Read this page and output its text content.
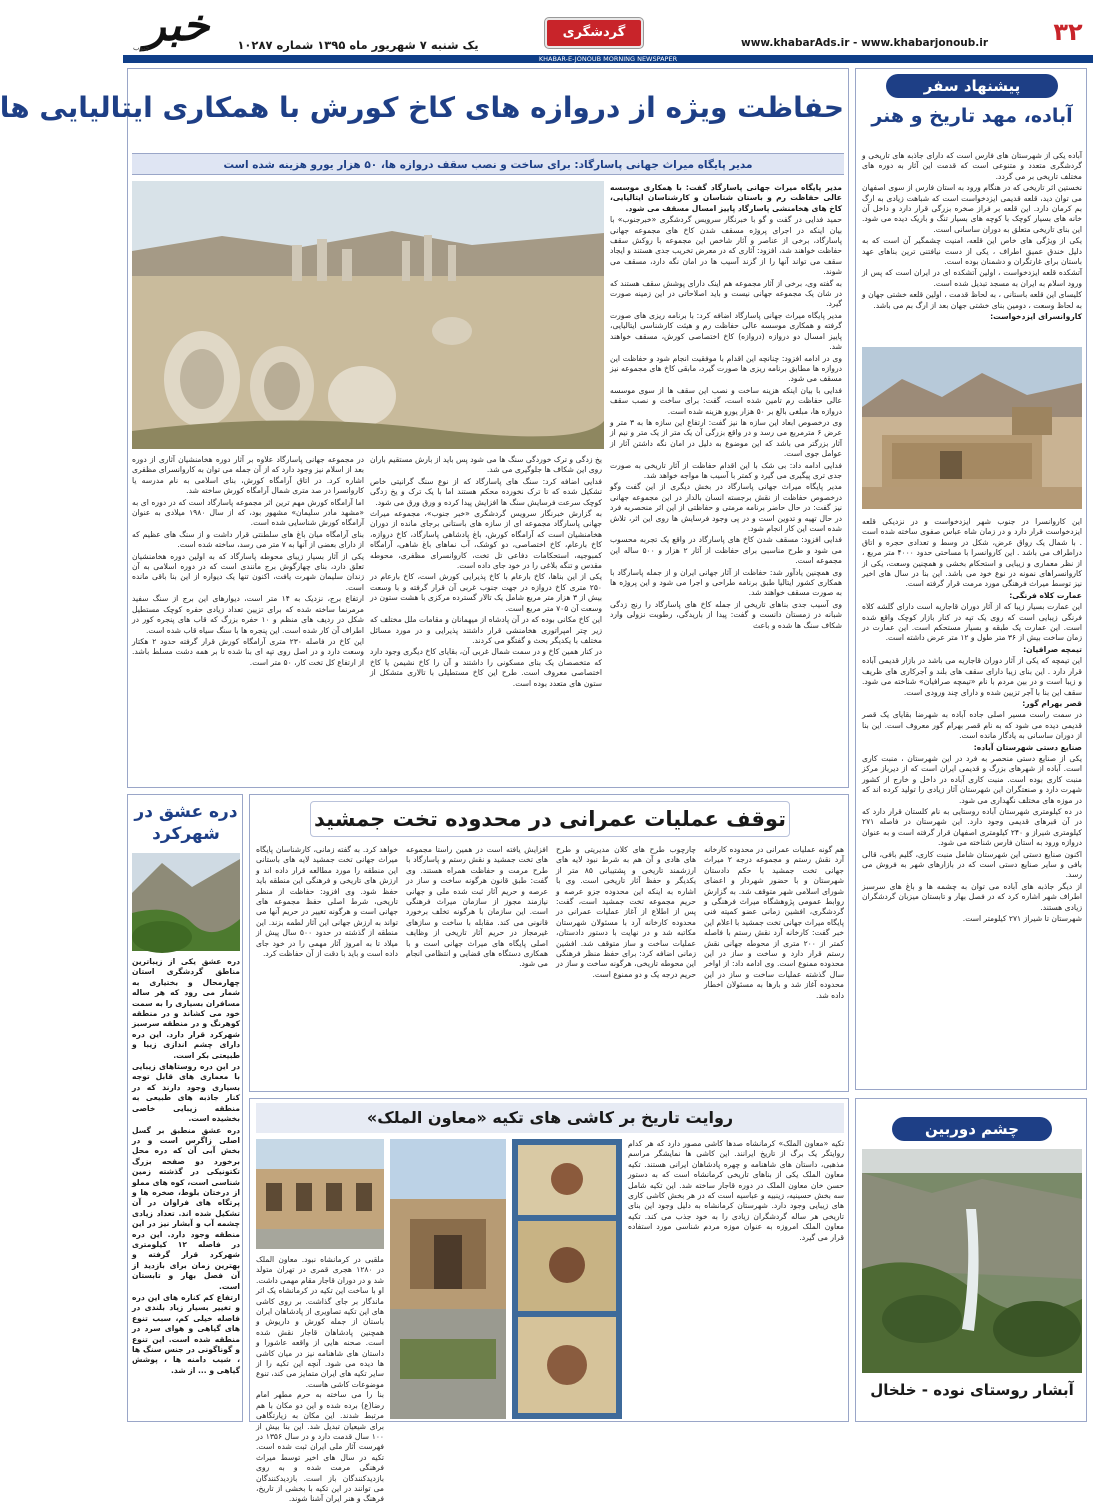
خبر
جنوب	یک شنبه ۷ شهریور ماه ۱۳۹۵ شماره ۱۰۲۸۷
گردشگری
www.khabarAds.ir - www.khabarjonoub.ir	۳۲
KHABAR-E-JONOUB MORNING NEWSPAPER
پیشنهاد سفر
آباده، مهد تاریخ و هنر

آباده یکی از شهرستان های فارس است که دارای جاذبه های تاریخی و گردشگری متعدد و متنوعی است که قدمت این آثار به دوره های مختلف تاریخی بر می گردد.

نخستین اثر تاریخی که در هنگام ورود به استان فارس از سوی اصفهان می توان دید، قلعه قدیمی ایزدخواست است که شباهت زیادی به ارگ بم کرمان دارد. این قلعه بر فراز صخره بزرگی قرار دارد و داخل آن خانه های بسیار کوچک با کوچه های بسیار تنگ و باریک دیده می شود. این بنای تاریخی متعلق به دوران ساسانی است.

یکی از ویژگی های خاص این قلعه، امنیت چشمگیر آن است که به دلیل خندق عمیق اطراف ، یکی از دست نیافتنی ترین بناهای عهد باستان برای غارتگران و دشمنان بوده است.

آتشکده قلعه ایزدخواست ، اولین آتشکده ای در ایران است که پس از ورود اسلام به ایران به مسجد تبدیل شده است.

کلیسای این قلعه باستانی ، به لحاظ قدمت ، اولین قلعه خشتی جهان و به لحاظ وسعت ، دومین بنای خشتی جهان بعد از ارگ بم می باشد.

کاروانسرای ایزدخواست:

این کاروانسرا در جنوب شهر ایزدخواست و در نزدیکی قلعه ایزدخواست قرار دارد و در زمان شاه عباس صفوی ساخته شده است . با شمال یک رواق عرض، شکل در وسط و تعدادی حجره و اتاق دراطراف می باشد . این کاروانسرا با مساحتی حدود ۴۰۰۰ متر مربع ، از نظر معماری و زیبایی و استحکام بخشی و همچنین وسعت، یکی از کاروانسراهای نمونه در نوع خود می باشد. این بنا در سال های اخیر نیز توسط میراث فرهنگی مورد مرمت قرار گرفته است.

عمارت کلاه فرنگی:

این عمارت بسیار زیبا که از آثار دوران قاجاریه است دارای گلشه کلاه فرنگی زیبایی است که روی یک تپه در کنار بازار کوچک واقع شده است. این عمارت یک طبقه و بسیار مستحکم است. این عمارت در زمان ساخت بیش از ۳۶ متر طول و ۱۲ متر عرض داشته است.

تیمچه صرافیان:

این تیمچه که یکی از آثار دوران قاجاریه می باشد در بازار قدیمی آباده قرار دارد . این بنای زیبا دارای سقف های بلند و آجرکاری های ظریف و زیبا است و در بین مردم با نام «تیمچه صرافیان» شناخته می شود. سقف این بنا با آجر تزیین شده و دارای چند ورودی است.

قصر بهرام گور:

در سمت راست مسیر اصلی جاده آباده به شهرضا بقایای یک قصر قدیمی دیده می شود که به نام قصر بهرام گور معروف است. این بنا از دوران ساسانی به یادگار مانده است.

صنایع دستی شهرستان آباده:

یکی از صنایع دستی منحصر به فرد در این شهرستان ، منبت کاری است. آباده از شهرهای بزرگ و قدیمی ایران است که از دیرباز مرکز منبت کاری بوده است. منبت کاری آباده در داخل و خارج از کشور شهرت دارد و صنعتگران این شهرستان آثار زیادی را تولید کرده اند که در موزه های مختلف نگهداری می شود.

در ده کیلومتری شهرستان آباده روستایی به نام کلستان قرار دارد که در آن قبرهای قدیمی وجود دارد. این شهرستان در فاصله ۲۷۱ کیلومتری شیراز و ۲۴۰ کیلومتری اصفهان قرار گرفته است و به عنوان دروازه ورود به استان فارس شناخته می شود.

اکنون صنایع دستی این شهرستان شامل منبت کاری، گلیم بافی، قالی بافی و سایر صنایع دستی است که در بازارهای شهر به فروش می رسد.

از دیگر جاذبه های آباده می توان به چشمه ها و باغ های سرسبز اطراف شهر اشاره کرد که در فصل بهار و تابستان میزبان گردشگران زیادی هستند.

شهرستان تا شیراز ۲۷۱ کیلومتر است.

چشم دوربین
آبشار روستای نوده - خلخال
حفاظت ویژه از دروازه های کاخ کورش با همکاری ایتالیایی ها
مدیر پایگاه میراث جهانی پاسارگاد: برای ساخت و نصب سقف دروازه ها، ۵۰ هزار یورو هزینه شده است

مدیر پایگاه میراث جهانی پاسارگاد گفت: با همکاری موسسه عالی حفاظت رم و باستان شناسان و کارشناسان ایتالیایی، کاخ های هخامنشی پاسارگاد پاییز امسال مسقف می شود.

حمید فدایی در گفت و گو با خبرنگار سرویس گردشگری «خبرجنوب» با بیان اینکه در اجرای پروژه مسقف شدن کاخ های مجموعه جهانی پاسارگاد، برخی از عناصر و آثار شاخص این مجموعه با روکش سقف حفاظت خواهند شد، افزود: آثاری که در معرض تخریب جدی هستند و ایجاد سقف می تواند آنها را از گزند آسیب ها در امان نگه دارد، مسقف می شوند.

به گفته وی، برخی از آثار مجموعه هم اینک دارای پوشش سقف هستند که در شان یک مجموعه جهانی نیست و باید اصلاحاتی در این زمینه صورت گیرد.

مدیر پایگاه میراث جهانی پاسارگاد اضافه کرد: با برنامه ریزی های صورت گرفته و همکاری موسسه عالی حفاظت رم و هیئت کارشناسی ایتالیایی، پاییز امسال دو دروازه (دروازه) کاخ اختصاصی کورش، مسقف خواهند شد.

وی در ادامه افزود: چنانچه این اقدام با موفقیت انجام شود و حفاظت این دروازه ها مطابق برنامه ریزی ها صورت گیرد، مابقی کاخ های مجموعه نیز مسقف می شود.

فدایی با بیان اینکه هزینه ساخت و نصب این سقف ها از سوی موسسه عالی حفاظت رم تامین شده است، گفت: برای ساخت و نصب سقف دروازه ها، مبلغی بالغ بر ۵۰ هزار یورو هزینه شده است.

وی درخصوص ابعاد این سازه ها نیز گفت: ارتفاع این سازه ها به ۳ متر و عرض ۶ مترمربع می رسد و در واقع بزرگی آن یک متر از یک متر و نیم از آثار بزرگتر می باشد که این موضوع به دلیل در امان نگه داشتن آثار از عوامل جوی است.

فدایی ادامه داد: بی شک با این اقدام حفاظت از آثار تاریخی به صورت جدی تری پیگیری می گیرد و کمتر با آسیب ها مواجه خواهد شد.

مدیر پایگاه میراث جهانی پاسارگاد در بخش دیگری از این گفت وگو درخصوص حفاظت از نقش برجسته انسان بالدار در این مجموعه جهانی نیز گفت: در حال حاضر برنامه مرمتی و حفاظتی از این اثر منحصربه فرد در حال تهیه و تدوین است و در پی وجود فرسایش ها روی این اثر، تلاش شده است این کار انجام شود.

فدایی افزود: مسقف شدن کاخ های پاسارگاد در واقع یک تجربه محسوب می شود و طرح مناسبی برای حفاظت از آثار ۲ هزار و ۵۰۰ ساله این مجموعه است.

وی همچنین یادآور شد: حفاظت از آثار جهانی ایران و از جمله پاسارگاد با همکاری کشور ایتالیا طبق برنامه طراحی و اجرا می شود و این پروژه ها به صورت مسقف خواهند شد.

وی آسیب جدی بناهای تاریخی از جمله کاخ های پاسارگاد را رنج زدگی شبانه در زمستان دانست و گفت: پیدا از باریدگی، رطوبت نزولی وارد شکاف سنگ ها شده و باعث

یخ زدگی و ترک خوردگی سنگ ها می شود پس باید از بارش مستقیم باران روی این شکاف ها جلوگیری می شد.

فدایی اضافه کرد: سنگ های پاسارگاد که از نوع سنگ گرانیتی خاص تشکیل شده که تا ترک نخورده محکم هستند اما با یک ترک و یخ زدگی کوچک سرعت فرسایش سنگ ها افزایش پیدا کرده و ورق ورق می شود.

به گزارش خبرنگار سرویس گردشگری «خبر جنوب»، مجموعه میراث جهانی پاسارگاد مجموعه ای از سازه های باستانی برجای مانده از دوران هخامنشیان است که آرامگاه کورش، باغ پادشاهی پاسارگاد، کاخ دروازه، کاخ بارعام، کاخ اختصاصی، دو کوشک، آب نماهای باغ شاهی، آرامگاه کمبوجیه، استحکامات دفاعی تل تخت، کاروانسرای مظفری، محوطه مقدس و تنگه بلاغی را در خود جای داده است.

یکی از این بناها، کاخ بارعام با کاخ پذیرایی کورش است، کاخ بارعام در ۲۵۰ متری کاخ دروازه در جهت جنوب غربی آن قرار گرفته و با وسعت بیش از ۳ هزار متر مربع شامل یک تالار گسترده مرکزی با هشت ستون در وسعت آن ۷۰۵ متر مربع است.

این کاخ مکانی بوده که در آن پادشاه از میهمانان و مقامات ملل مختلف که زیر چتر امپراتوری هخامنشی قرار داشتند پذیرایی و در مورد مسائل مختلف با یکدیگر بحث و گفتگو می کردند.

در کنار همین کاخ و در سمت شمال غربی آن، بقایای کاخ دیگری وجود دارد که متخصصان یک بنای مسکونی را داشتند و آن را کاخ نشیمن یا کاخ اختصاصی معروف است. طرح این کاخ مستطیلی با تالاری متشکل از ستون های متعدد بوده است.

در مجموعه جهانی پاسارگاد علاوه بر آثار دوره هخامنشیان آثاری از دوره بعد از اسلام نیز وجود دارد که از آن جمله می توان به کاروانسرای مظفری اشاره کرد. در اتاق آرامگاه کورش، بنای اسلامی به نام مدرسه یا کاروانسرا در صد متری شمال آرامگاه کورش ساخته شد.

اما آرامگاه کورش مهم ترین اثر مجموعه پاسارگاد است که در دوره ای به «مشهد مادر سلیمان» مشهور بود، که از سال ۱۹۸۰ میلادی به عنوان آرامگاه کورش شناسایی شده است.

بنای آرامگاه میان باغ های سلطنتی قرار داشت و از سنگ های عظیم که از دارای بعضی از آنها به ۷ متر می رسد، ساخته شده است.

یکی از آثار بسیار زیبای محوطه پاسارگاد که به اولین دوره هخامنشیان تعلق دارد، بنای چهارگوش برج مانندی است که در دوره اسلامی به آن زندان سلیمان شهرت یافت، اکنون تنها یک دیواره از این بنا باقی مانده است.

ارتفاع برج، نزدیک به ۱۴ متر است، دیوارهای این برج از سنگ سفید مرمرنما ساخته شده که برای تزیین تعداد زیادی حفره کوچک مستطیل شکل در ردیف های منظم و ۱۰ حفره بزرگ که قاب های پنجره کور در اطراف آن کار شده است. این پنجره ها با سنگ سیاه قاب شده است.

این کاخ در فاصله ۲۳۰ متری آرامگاه کورش قرار گرفته حدود ۲ هکتار وسعت دارد و در اصل روی تپه ای بنا شده تا بر همه دشت مسلط باشد. از ارتفاع کل تخت کار، ۵۰ متر است.

دره عشق در شهرکرد

دره عشق یکی از زیباترین مناطق گردشگری استان چهارمحال و بختیاری به شمار می رود که هر ساله مسافران بسیاری را به سمت خود می کشاند و در منطقه کوهرنگ و در منطقه سرسبز شهرکرد قرار دارد. این دره دارای چشم اندازی زیبا و طبیعتی بکر است.

در این دره روستاهای زیبایی با معماری های قابل توجه بسیاری وجود دارند که در کنار جاذبه های طبیعی به منطقه زیبایی خاصی بخشیده است.

دره عشق منطبق بر گسل اصلی زاگرس است و در بخش آبی آن که دره محل برخورد دو صفحه بزرگ تکتونیکی در گذشته زمین شناسی است، کوه های مملو از درختان بلوط، صخره ها و پرتگاه های فراوان در آن تشکیل شده اند. تعداد زیادی چشمه آب و آبشار نیز در این منطقه وجود دارد. این دره در فاصله ۱۲ کیلومتری شهرکرد قرار گرفته و بهترین زمان برای بازدید از آن فصل بهار و تابستان است.

ارتفاع کم کناره های این دره و تغییر بسیار زیاد بلندی در فاصله خیلی کم، سبب تنوع های گیاهی و هوای سرد در منطقه شده است. این تنوع و گوناگونی در جنس سنگ ها ، شیب دامنه ها ، پوشش گیاهی و ... از شد.

توقف عملیات عمرانی در محدوده تخت جمشید
هم گونه عملیات عمرانی در محدوده کارخانه آرد نقش رستم و مجموعه درجه ۲ میراث جهانی تخت جمشید با حکم دادستان شهرستان و با حضور شهردار و اعضای شورای اسلامی شهر متوقف شد. به گزارش روابط عمومی پژوهشگاه میراث فرهنگی و گردشگری، افشین زمانی عضو کمیته فنی پایگاه میراث جهانی تخت جمشید با اعلام این خبر گفت: کارخانه آرد نقش رستم با فاصله کمتر از ۲۰۰ متری از محوطه جهانی نقش رستم قرار دارد و ساخت و ساز در این محدوده ممنوع است. وی ادامه داد: از اواخر سال گذشته عملیات ساخت و ساز در این محدوده آغاز شد و بارها به مسئولان اخطار داده شد.
چارچوب طرح های کلان مدیریتی و طرح های هادی و آن هم به شرط نبود لایه های ارزشمند تاریخی و پشتیبانی ۸۵ متر از یکدیگر و حفظ آثار تاریخی است. وی با اشاره به اینکه این محدوده جزو عرصه و حریم مجموعه تخت جمشید است، گفت: پس از اطلاع از آغاز عملیات عمرانی در محدوده کارخانه آرد با مسئولان شهرستان مکاتبه شد و در نهایت با دستور دادستان، عملیات ساخت و ساز متوقف شد. افشین زمانی اضافه کرد: برای حفظ منظر فرهنگی این محوطه تاریخی، هرگونه ساخت و ساز در حریم درجه یک و دو ممنوع است.
افزایش یافته است در همین راستا مجموعه های تخت جمشید و نقش رستم و پاسارگاد با طرح مرمت و حفاظت همراه هستند. وی گفت: طبق قانون هرگونه ساخت و ساز در عرصه و حریم آثار ثبت شده ملی و جهانی نیازمند مجوز از سازمان میراث فرهنگی است. این سازمان با هرگونه تخلف برخورد قانونی می کند. مقابله با ساخت و سازهای غیرمجاز در حریم آثار تاریخی از وظایف اصلی پایگاه های میراث جهانی است و با همکاری دستگاه های قضایی و انتظامی انجام می شود.
خواهد کرد. به گفته زمانی، کارشناسان پایگاه میراث جهانی تخت جمشید لایه های باستانی این منطقه را مورد مطالعه قرار داده اند و ارزش های تاریخی و فرهنگی این منطقه باید حفظ شود. وی افزود: حفاظت از منظر تاریخی، شرط اصلی حفظ مجموعه های جهانی است و هرگونه تغییر در حریم آنها می تواند به ارزش جهانی این آثار لطمه بزند. این منطقه از گذشته در حدود ۵۰۰ سال پیش از میلاد تا به امروز آثار مهمی را در خود جای داده است و باید با دقت از آن حفاظت کرد.
روایت تاریخ بر کاشی های تکیه «معاون الملک»
تکیه «معاون الملک» کرمانشاه صدها کاشی مصور دارد که هر کدام روایتگر یک برگ از تاریخ ایرانند. این کاشی ها نمایشگر مراسم مذهبی، داستان های شاهنامه و چهره پادشاهان ایرانی هستند. تکیه معاون الملک یکی از بناهای تاریخی کرمانشاه است که به دستور حسن خان معاون الملک در دوره قاجار ساخته شد. این تکیه شامل سه بخش حسینیه، زینبیه و عباسیه است که در هر بخش کاشی کاری های زیبایی وجود دارد. شهرستان کرمانشاه به دلیل وجود این بنای تاریخی هر ساله گردشگران زیادی را به خود جذب می کند. تکیه معاون الملک امروزه به عنوان موزه مردم شناسی مورد استفاده قرار می گیرد.
ملقبی در کرمانشاه نبود. معاون الملک در ۱۲۸۰ هجری قمری در تهران متولد شد و در دوران قاجار مقام مهمی داشت. او با ساخت این تکیه در کرمانشاه یک اثر ماندگار بر جای گذاشت. بر روی کاشی های این تکیه تصاویری از پادشاهان ایران باستان از جمله کورش و داریوش و همچنین پادشاهان قاجار نقش شده است. صحنه هایی از واقعه عاشورا و داستان های شاهنامه نیز در میان کاشی ها دیده می شود. آنچه این تکیه را از سایر تکیه های ایران متمایز می کند، تنوع موضوعات کاشی هاست.
بنا را می ساخته به حرم مطهر امام رضا(ع) برده شده و این دو مکان با هم مرتبط شدند. این مکان به زیارتگاهی برای شیعیان تبدیل شد. این بنا بیش از ۱۰۰ سال قدمت دارد و در سال ۱۳۵۶ در فهرست آثار ملی ایران ثبت شده است. تکیه در سال های اخیر توسط میراث فرهنگی مرمت شده و به روی بازدیدکنندگان باز است. بازدیدکنندگان می توانند در این تکیه با بخشی از تاریخ، فرهنگ و هنر ایران آشنا شوند.
